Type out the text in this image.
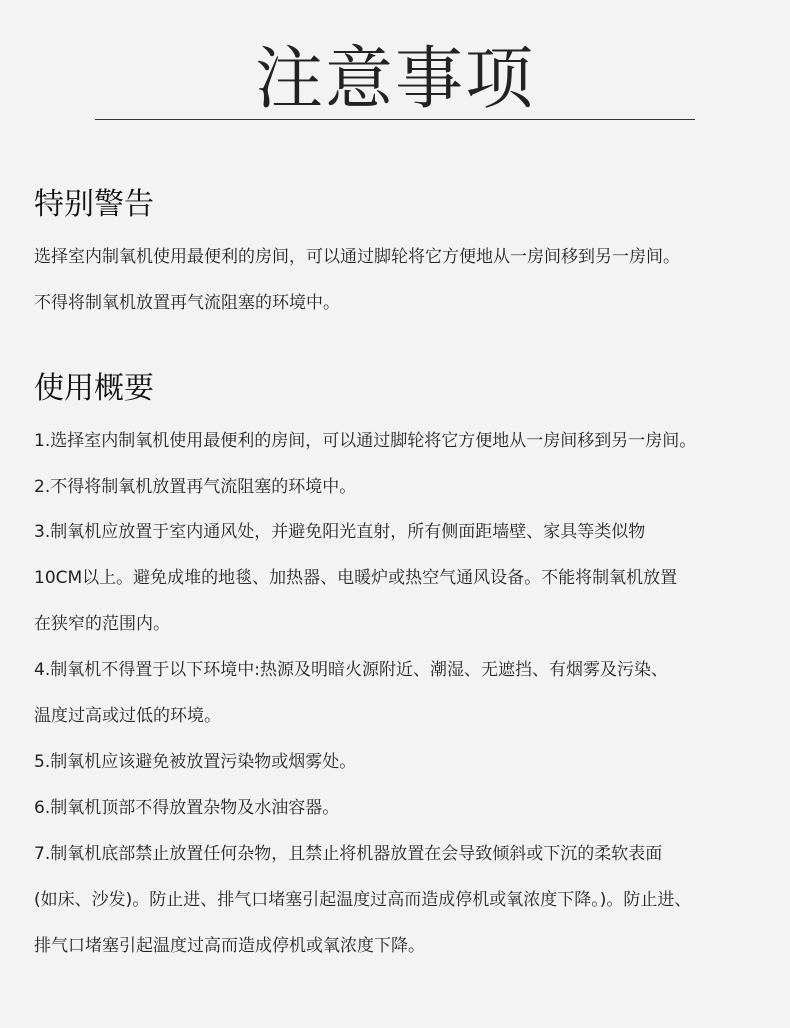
注意事项
特别警告
选择室内制氧机使用最便利的房间，可以通过脚轮将它方便地从一房间移到另一房间。
不得将制氧机放置再气流阻塞的环境中。
使用概要
1.选择室内制氧机使用最便利的房间，可以通过脚轮将它方便地从一房间移到另一房间。
2.不得将制氧机放置再气流阻塞的环境中。
3.制氧机应放置于室内通风处，并避免阳光直射，所有侧面距墙壁、家具等类似物
10CM以上。避免成堆的地毯、加热器、电暖炉或热空气通风设备。不能将制氧机放置
在狭窄的范围内。
4.制氧机不得置于以下环境中:热源及明暗火源附近、潮湿、无遮挡、有烟雾及污染、
温度过高或过低的环境。
5.制氧机应该避免被放置污染物或烟雾处。
6.制氧机顶部不得放置杂物及水油容器。
7.制氧机底部禁止放置任何杂物，且禁止将机器放置在会导致倾斜或下沉的柔软表面
(如床、沙发)。防止进、排气口堵塞引起温度过高而造成停机或氧浓度下降。)。防止进、
排气口堵塞引起温度过高而造成停机或氧浓度下降。
